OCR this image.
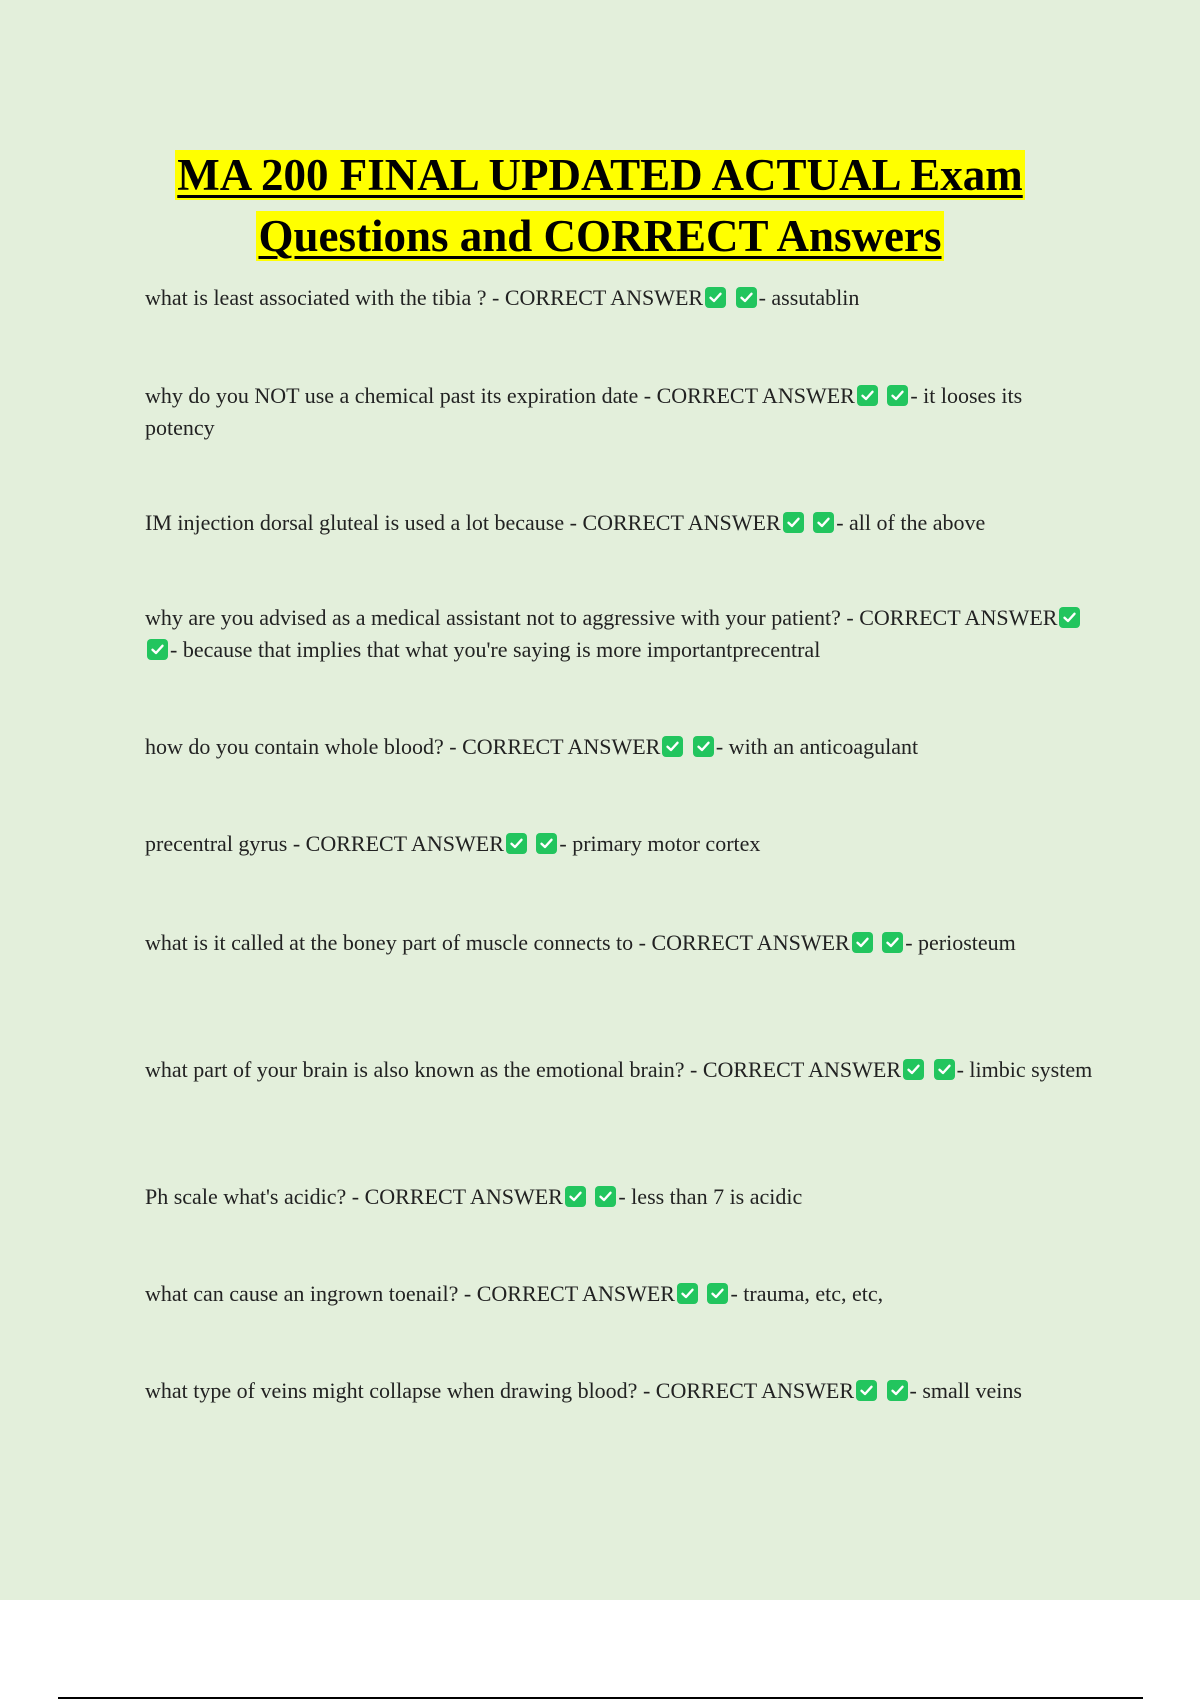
MA 200 FINAL UPDATED ACTUAL Exam
Questions and CORRECT Answers

what is least associated with the tibia ? - CORRECT ANSWER
	- assutablin

why do you NOT use a chemical past its expiration date - CORRECT ANSWER
	- it looses its potency

IM injection dorsal gluteal is used a lot because - CORRECT ANSWER
	- all of the above

why are you advised as a medical assistant not to aggressive with your patient? - CORRECT ANSWER

- because that implies that what you're saying is more importantprecentral

how do you contain whole blood? - CORRECT ANSWER
	- with an anticoagulant

precentral gyrus - CORRECT ANSWER
	- primary motor cortex

what is it called at the boney part of muscle connects to - CORRECT ANSWER
	- periosteum

what part of your brain is also known as the emotional brain? - CORRECT ANSWER
	- limbic system

Ph scale what's acidic? - CORRECT ANSWER
	- less than 7 is acidic

what can cause an ingrown toenail? - CORRECT ANSWER
	- trauma, etc, etc,

what type of veins might collapse when drawing blood? - CORRECT ANSWER
	- small veins
